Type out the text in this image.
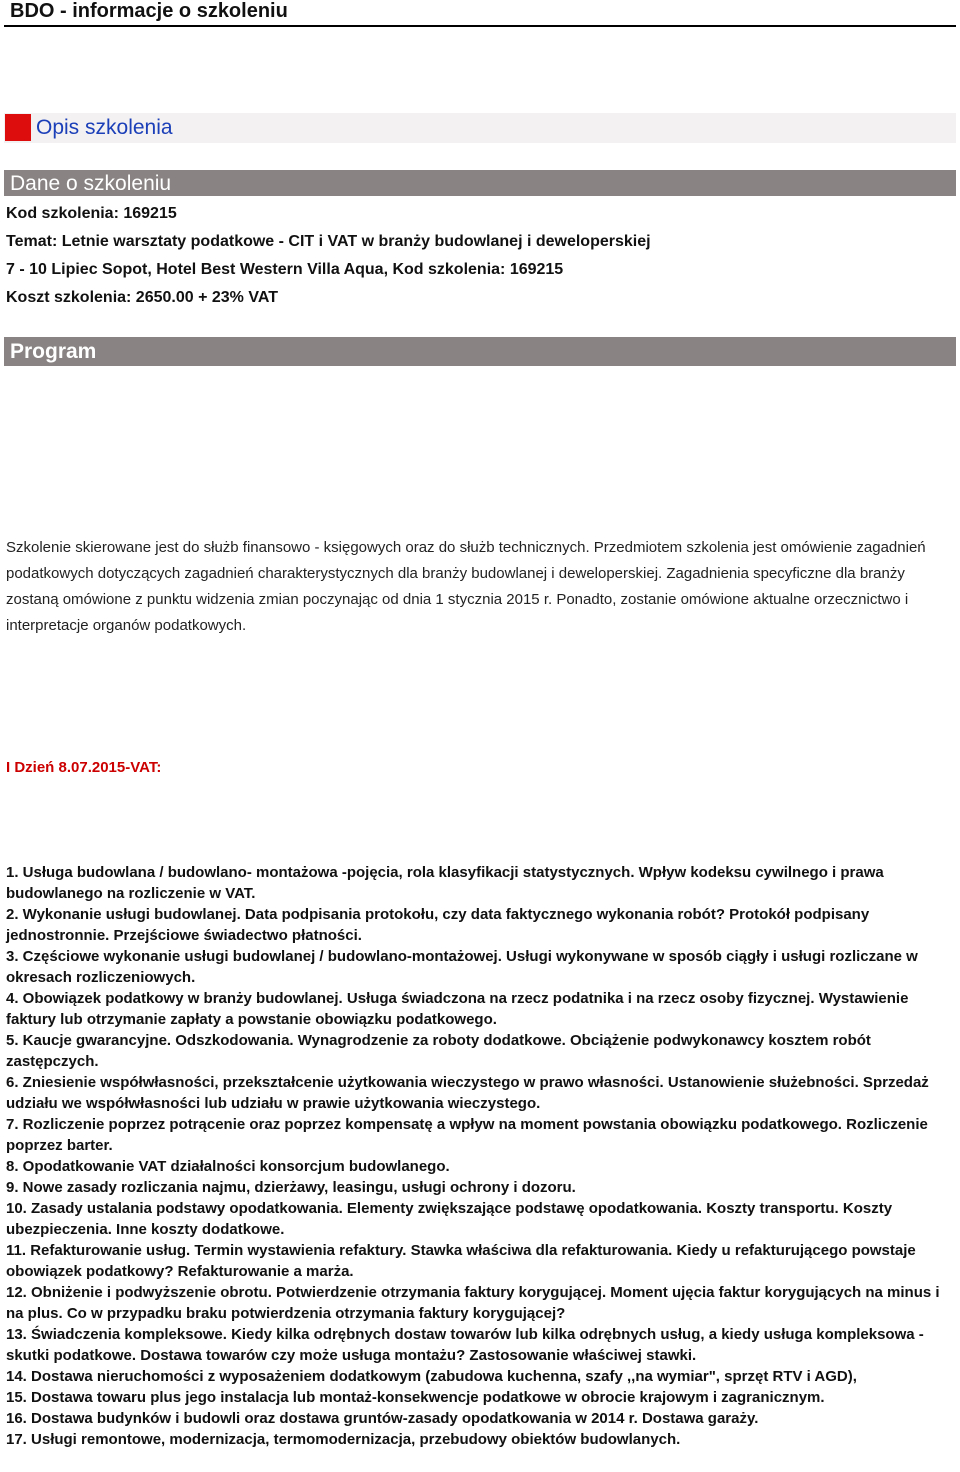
BDO - informacje o szkoleniu
Opis szkolenia
Dane o szkoleniu
Kod szkolenia: 169215
Temat: Letnie warsztaty podatkowe - CIT i VAT w branży budowlanej i deweloperskiej
7 - 10 Lipiec Sopot, Hotel Best Western Villa Aqua, Kod szkolenia: 169215
Koszt szkolenia: 2650.00 + 23% VAT
Program
Szkolenie skierowane jest do służb finansowo - księgowych oraz do służb technicznych. Przedmiotem szkolenia jest omówienie zagadnień podatkowych dotyczących zagadnień charakterystycznych dla branży budowlanej i deweloperskiej. Zagadnienia specyficzne dla branży zostaną omówione z punktu widzenia zmian poczynając od dnia 1 stycznia 2015 r. Ponadto, zostanie omówione aktualne orzecznictwo i interpretacje organów podatkowych.
I Dzień 8.07.2015-VAT:

1. Usługa budowlana / budowlano- montażowa -pojęcia, rola klasyfikacji statystycznych. Wpływ kodeksu cywilnego i prawa budowlanego na rozliczenie w VAT.

2. Wykonanie usługi budowlanej. Data podpisania protokołu, czy data faktycznego wykonania robót? Protokół podpisany jednostronnie. Przejściowe świadectwo płatności.

3. Częściowe wykonanie usługi budowlanej / budowlano-montażowej. Usługi wykonywane w sposób ciągły i usługi rozliczane w okresach rozliczeniowych.

4. Obowiązek podatkowy w branży budowlanej. Usługa świadczona na rzecz podatnika i na rzecz osoby fizycznej. Wystawienie faktury lub otrzymanie zapłaty a powstanie obowiązku podatkowego.

5. Kaucje gwarancyjne. Odszkodowania. Wynagrodzenie za roboty dodatkowe. Obciążenie podwykonawcy kosztem robót zastępczych.

6. Zniesienie współwłasności, przekształcenie użytkowania wieczystego w prawo własności. Ustanowienie służebności. Sprzedaż udziału we współwłasności lub udziału w prawie użytkowania wieczystego.

7. Rozliczenie poprzez potrącenie oraz poprzez kompensatę a wpływ na moment powstania obowiązku podatkowego. Rozliczenie poprzez barter.

8. Opodatkowanie VAT działalności konsorcjum budowlanego.

9. Nowe zasady rozliczania najmu, dzierżawy, leasingu, usługi ochrony i dozoru.

10. Zasady ustalania podstawy opodatkowania. Elementy zwiększające podstawę opodatkowania. Koszty transportu. Koszty ubezpieczenia. Inne koszty dodatkowe.

11. Refakturowanie usług. Termin wystawienia refaktury. Stawka właściwa dla refakturowania. Kiedy u refakturującego powstaje obowiązek podatkowy? Refakturowanie a marża.

12. Obniżenie i podwyższenie obrotu. Potwierdzenie otrzymania faktury korygującej. Moment ujęcia faktur korygujących na minus i na plus. Co w przypadku braku potwierdzenia otrzymania faktury korygującej?

13. Świadczenia kompleksowe. Kiedy kilka odrębnych dostaw towarów lub kilka odrębnych usług, a kiedy usługa kompleksowa -skutki podatkowe. Dostawa towarów czy może usługa montażu? Zastosowanie właściwej stawki.

14. Dostawa nieruchomości z wyposażeniem dodatkowym (zabudowa kuchenna, szafy ,,na wymiar", sprzęt RTV i AGD),

15. Dostawa towaru plus jego instalacja lub montaż-konsekwencje podatkowe w obrocie krajowym i zagranicznym.

16. Dostawa budynków i budowli oraz dostawa gruntów-zasady opodatkowania w 2014 r. Dostawa garaży.

17. Usługi remontowe, modernizacja, termomodernizacja, przebudowy obiektów budowlanych.
